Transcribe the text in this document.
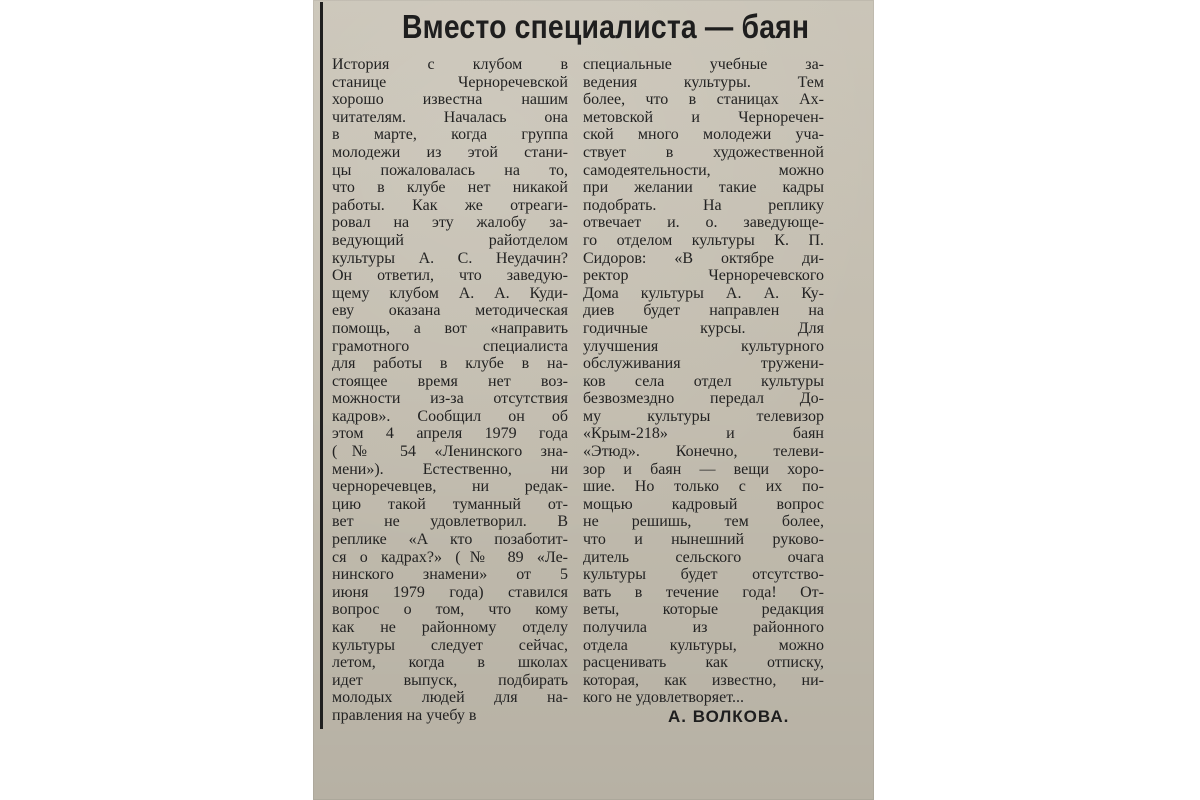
Вместо специалиста — баян
История с клубом в
станице Черноречевской
хорошо известна нашим
читателям. Началась она
в марте, когда группа
молодежи из этой стани-
цы пожаловалась на то,
что в клубе нет никакой
работы. Как же отреаги-
ровал на эту жалобу за-
ведующий райотделом
культуры А. С. Неудачин?
Он ответил, что заведую-
щему клубом А. А. Куди-
еву оказана методическая
помощь, а вот «направить
грамотного специалиста
для работы в клубе в на-
стоящее время нет воз-
можности из-за отсутствия
кадров». Сообщил он об
этом 4 апреля 1979 года
(№ 54 «Ленинского зна-
мени»). Естественно, ни
черноречевцев, ни редак-
цию такой туманный от-
вет не удовлетворил. В
реплике «А кто позаботит-
ся о кадрах?» (№ 89 «Ле-
нинского знамени» от 5
июня 1979 года) ставился
вопрос о том, что кому
как не районному отделу
культуры следует сейчас,
летом, когда в школах
идет выпуск, подбирать
молодых людей для на-
правления на учебу в
специальные учебные за-
ведения культуры. Тем
более, что в станицах Ах-
метовской и Черноречен-
ской много молодежи уча-
ствует в художественной
самодеятельности, можно
при желании такие кадры
подобрать. На реплику
отвечает и. о. заведующе-
го отделом культуры К. П.
Сидоров: «В октябре ди-
ректор Черноречевского
Дома культуры А. А. Ку-
диев будет направлен на
годичные курсы. Для
улучшения культурного
обслуживания тружени-
ков села отдел культуры
безвозмездно передал До-
му культуры телевизор
«Крым-218» и баян
«Этюд». Конечно, телеви-
зор и баян — вещи хоро-
шие. Но только с их по-
мощью кадровый вопрос
не решишь, тем более,
что и нынешний руково-
дитель сельского очага
культуры будет отсутство-
вать в течение года! От-
веты, которые редакция
получила из районного
отдела культуры, можно
расценивать как отписку,
которая, как известно, ни-
кого не удовлетворяет...
А. ВОЛКОВА.
